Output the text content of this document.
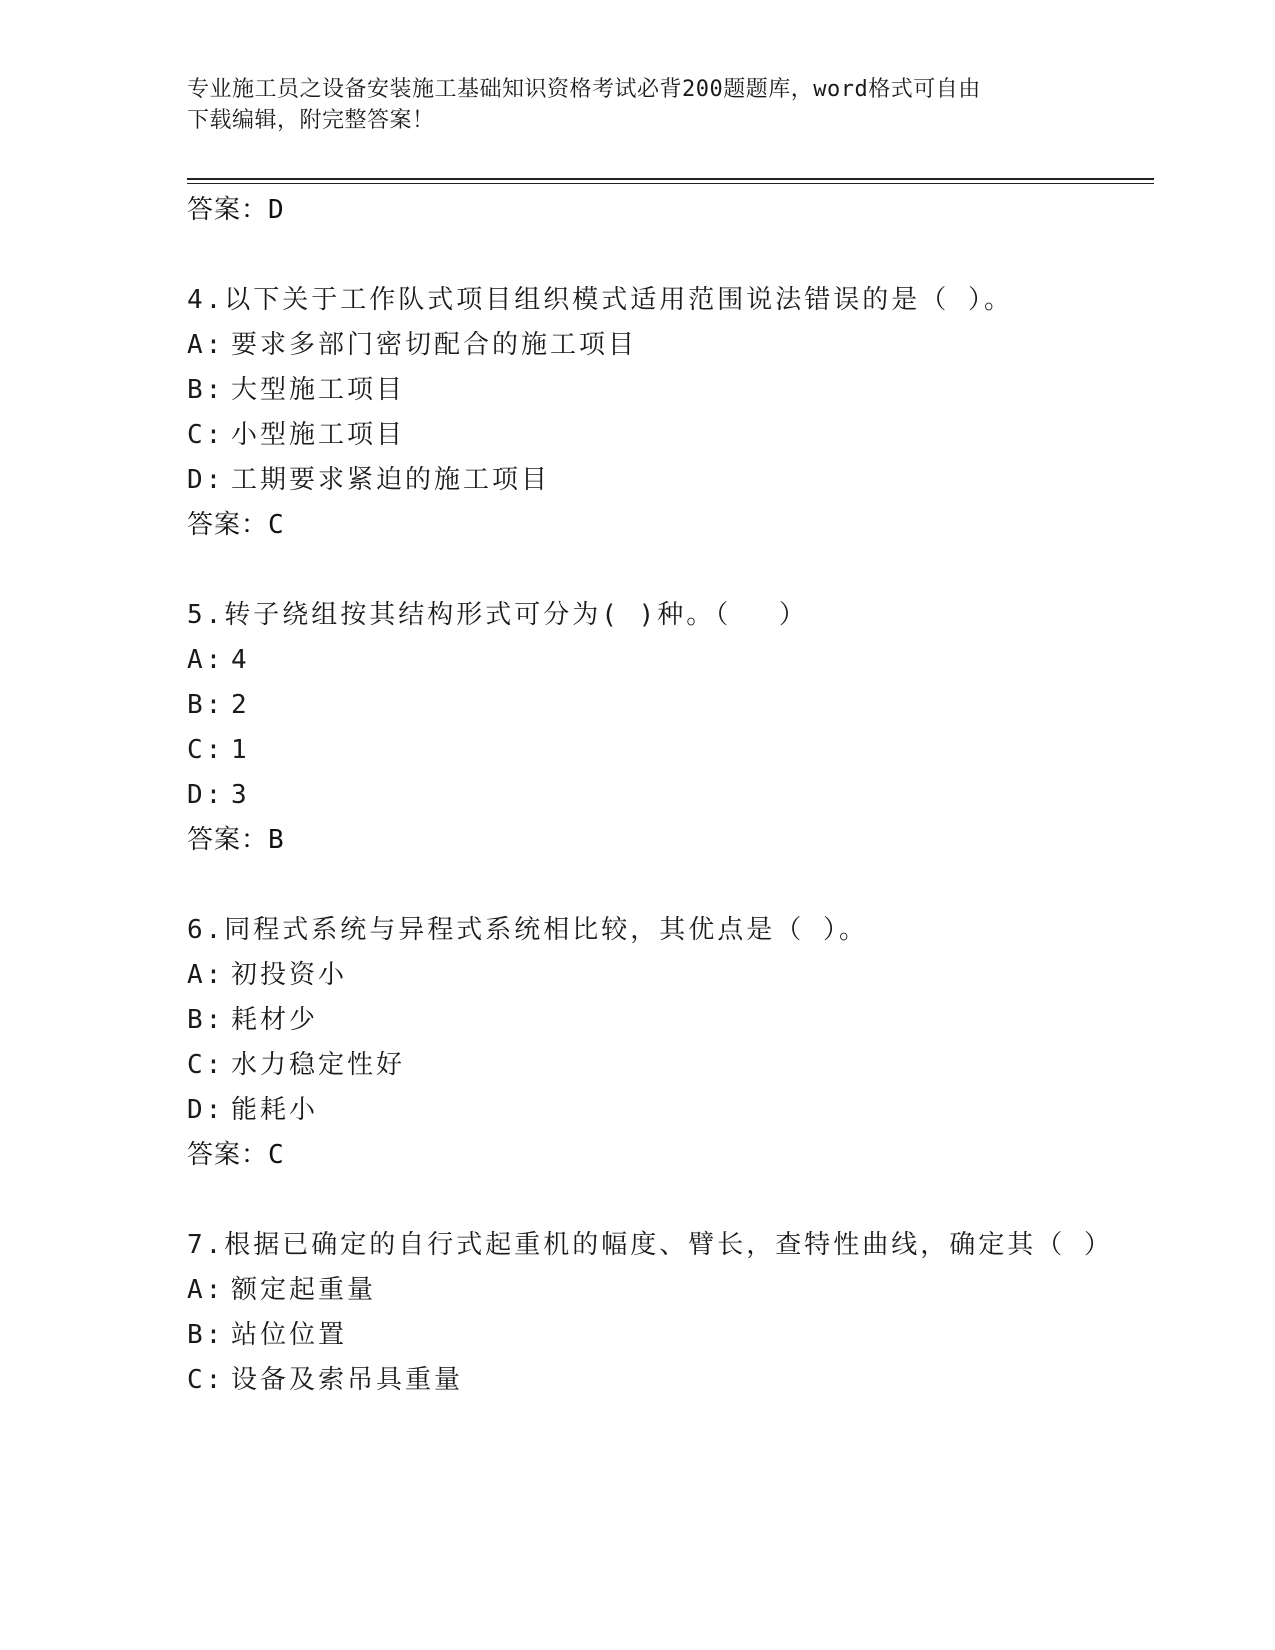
专业施工员之设备安装施工基础知识资格考试必背200题题库，word格式可自由
下载编辑，附完整答案！
答案：D
4.以下关于工作队式项目组织模式适用范围说法错误的是（ ）。
A: 要求多部门密切配合的施工项目
B: 大型施工项目
C: 小型施工项目
D: 工期要求紧迫的施工项目
答案：C
5.转子绕组按其结构形式可分为( )种。（　 ）
A: 4
B: 2
C: 1
D: 3
答案：B
6.同程式系统与异程式系统相比较，其优点是（ ）。
A: 初投资小
B: 耗材少
C: 水力稳定性好
D: 能耗小
答案：C
7.根据已确定的自行式起重机的幅度、臂长，查特性曲线，确定其（ ）
A: 额定起重量
B: 站位位置
C: 设备及索吊具重量
